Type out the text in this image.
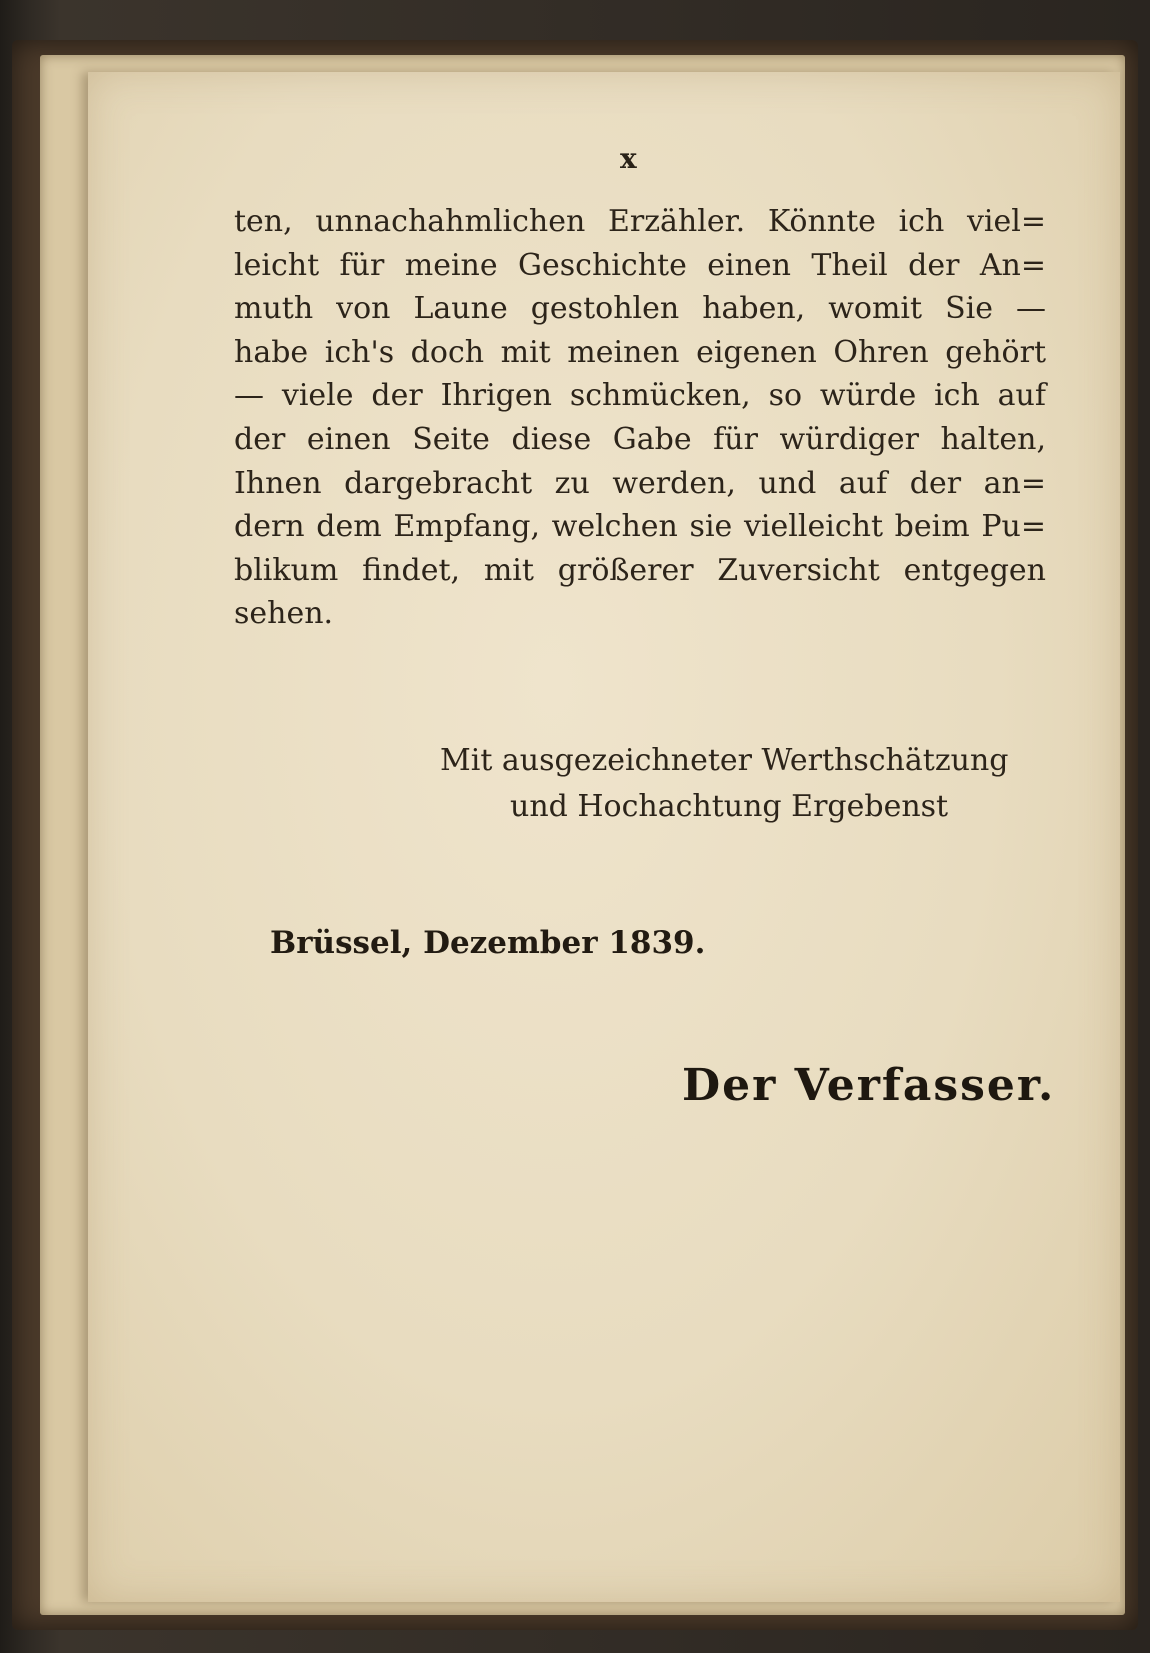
x
ten, unnachahmlichen Erzähler. Könnte ich viel=
leicht für meine Geschichte einen Theil der An=
muth von Laune gestohlen haben, womit Sie —
habe ich's doch mit meinen eigenen Ohren gehört
— viele der Ihrigen schmücken, so würde ich auf
der einen Seite diese Gabe für würdiger halten,
Ihnen dargebracht zu werden, und auf der an=
dern dem Empfang, welchen sie vielleicht beim Pu=
blikum findet, mit größerer Zuversicht entgegen
sehen.
Mit ausgezeichneter Werthschätzung
und Hochachtung Ergebenst
Brüssel, Dezember 1839.
Der Verfasser.
